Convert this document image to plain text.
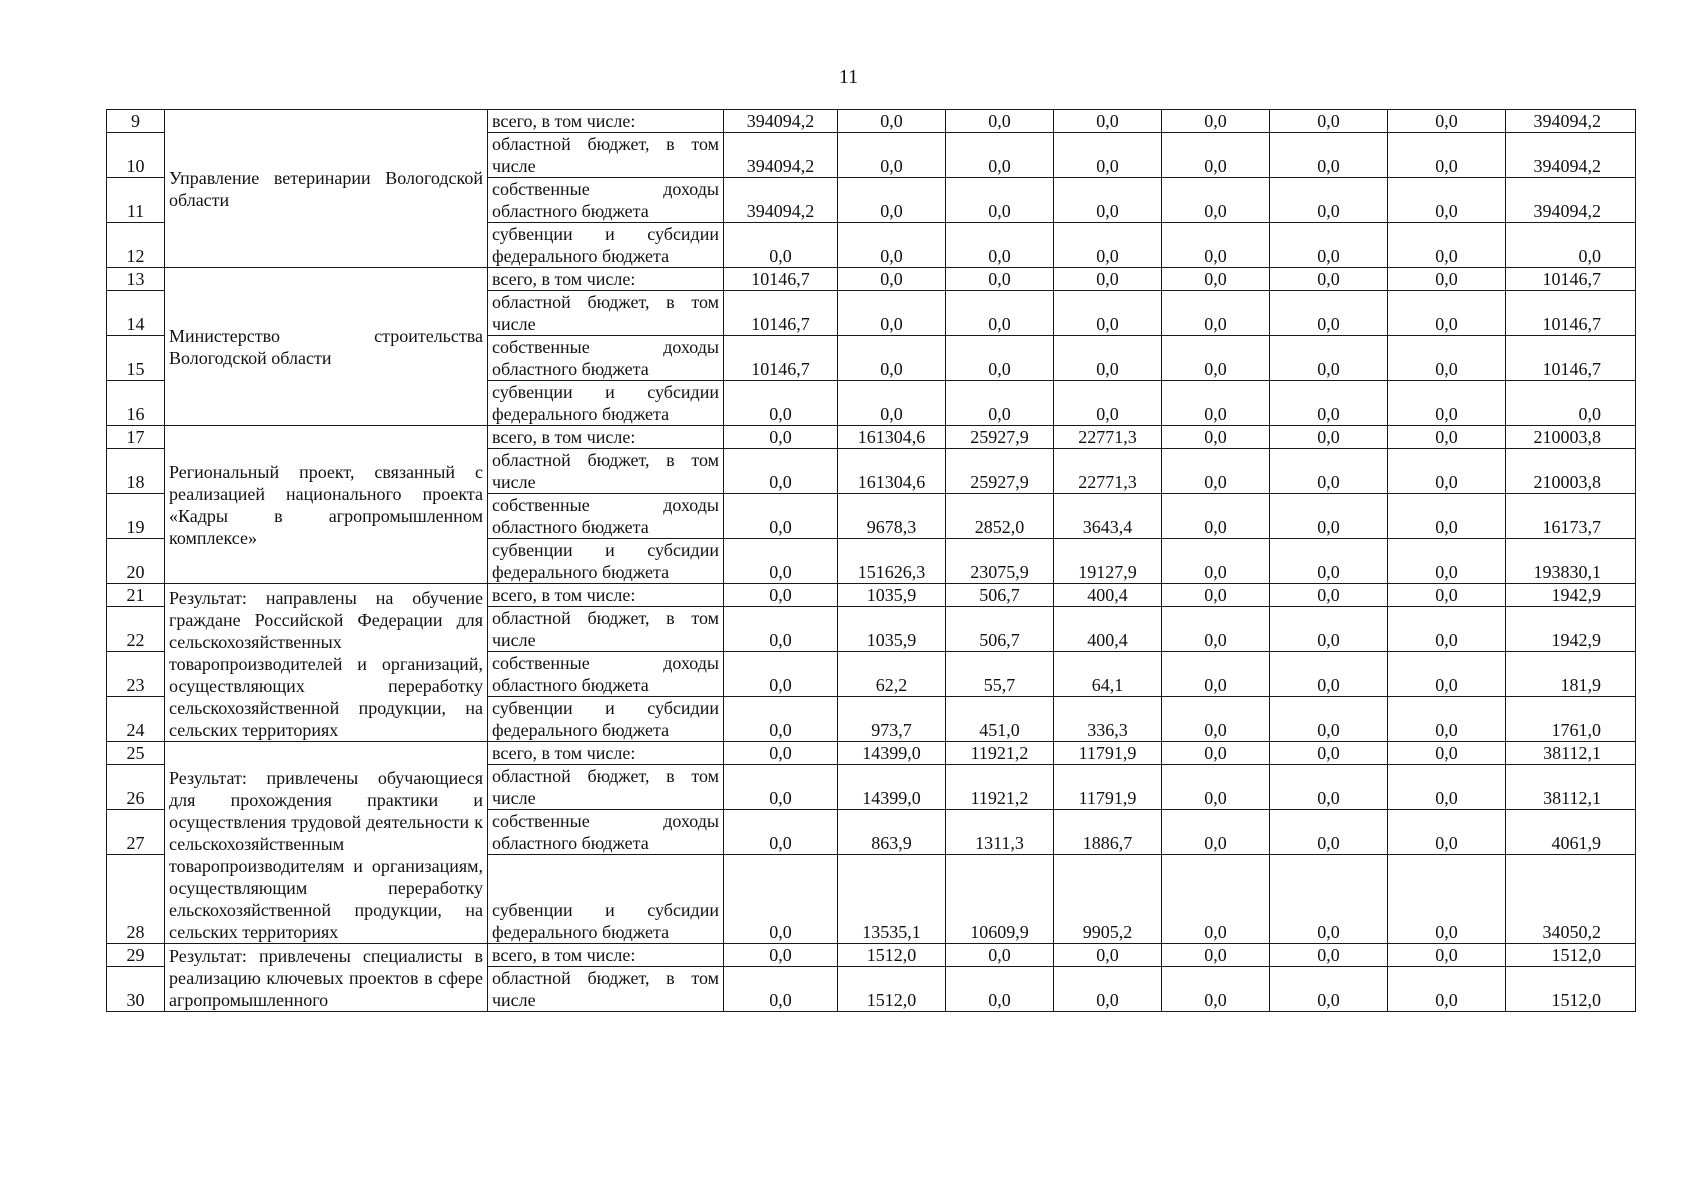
11
9	Управление ветеринарии Вологодской области	всего, в том числе:	394094,2	0,0	0,0	0,0	0,0	0,0	0,0	394094,2
10		областной бюджет, в том числе	394094,2	0,0	0,0	0,0	0,0	0,0	0,0	394094,2
11		собственные доходы областного бюджета	394094,2	0,0	0,0	0,0	0,0	0,0	0,0	394094,2
12		субвенции и субсидии федерального бюджета	0,0	0,0	0,0	0,0	0,0	0,0	0,0	0,0
13	Министерство строительства Вологодской области	всего, в том числе:	10146,7	0,0	0,0	0,0	0,0	0,0	0,0	10146,7
14		областной бюджет, в том числе	10146,7	0,0	0,0	0,0	0,0	0,0	0,0	10146,7
15		собственные доходы областного бюджета	10146,7	0,0	0,0	0,0	0,0	0,0	0,0	10146,7
16		субвенции и субсидии федерального бюджета	0,0	0,0	0,0	0,0	0,0	0,0	0,0	0,0
17	Региональный проект, связанный с реализацией национального проекта «Кадры в агропромышленном комплексе»	всего, в том числе:	0,0	161304,6	25927,9	22771,3	0,0	0,0	0,0	210003,8
18		областной бюджет, в том числе	0,0	161304,6	25927,9	22771,3	0,0	0,0	0,0	210003,8
19		собственные доходы областного бюджета	0,0	9678,3	2852,0	3643,4	0,0	0,0	0,0	16173,7
20		субвенции и субсидии федерального бюджета	0,0	151626,3	23075,9	19127,9	0,0	0,0	0,0	193830,1
21	Результат: направлены на обучение граждане Российской Федерации для сельскохозяйственных товаропроизводителей и организаций, осуществляющих переработку сельскохозяйственной продукции, на сельских территориях	всего, в том числе:	0,0	1035,9	506,7	400,4	0,0	0,0	0,0	1942,9
22		областной бюджет, в том числе	0,0	1035,9	506,7	400,4	0,0	0,0	0,0	1942,9
23		собственные доходы областного бюджета	0,0	62,2	55,7	64,1	0,0	0,0	0,0	181,9
24		субвенции и субсидии федерального бюджета	0,0	973,7	451,0	336,3	0,0	0,0	0,0	1761,0
25	Результат: привлечены обучающиеся для прохождения практики и осуществления трудовой деятельности к сельскохозяйственным товаропроизводителям и организациям, осуществляющим переработку ельскохозяйственной продукции, на сельских территориях	всего, в том числе:	0,0	14399,0	11921,2	11791,9	0,0	0,0	0,0	38112,1
26		областной бюджет, в том числе	0,0	14399,0	11921,2	11791,9	0,0	0,0	0,0	38112,1
27		собственные доходы областного бюджета	0,0	863,9	1311,3	1886,7	0,0	0,0	0,0	4061,9
28		субвенции и субсидии федерального бюджета	0,0	13535,1	10609,9	9905,2	0,0	0,0	0,0	34050,2
29	Результат: привлечены специалисты в реализацию ключевых проектов в сфере агропромышленного	всего, в том числе:	0,0	1512,0	0,0	0,0	0,0	0,0	0,0	1512,0
30		областной бюджет, в том числе	0,0	1512,0	0,0	0,0	0,0	0,0	0,0	1512,0
